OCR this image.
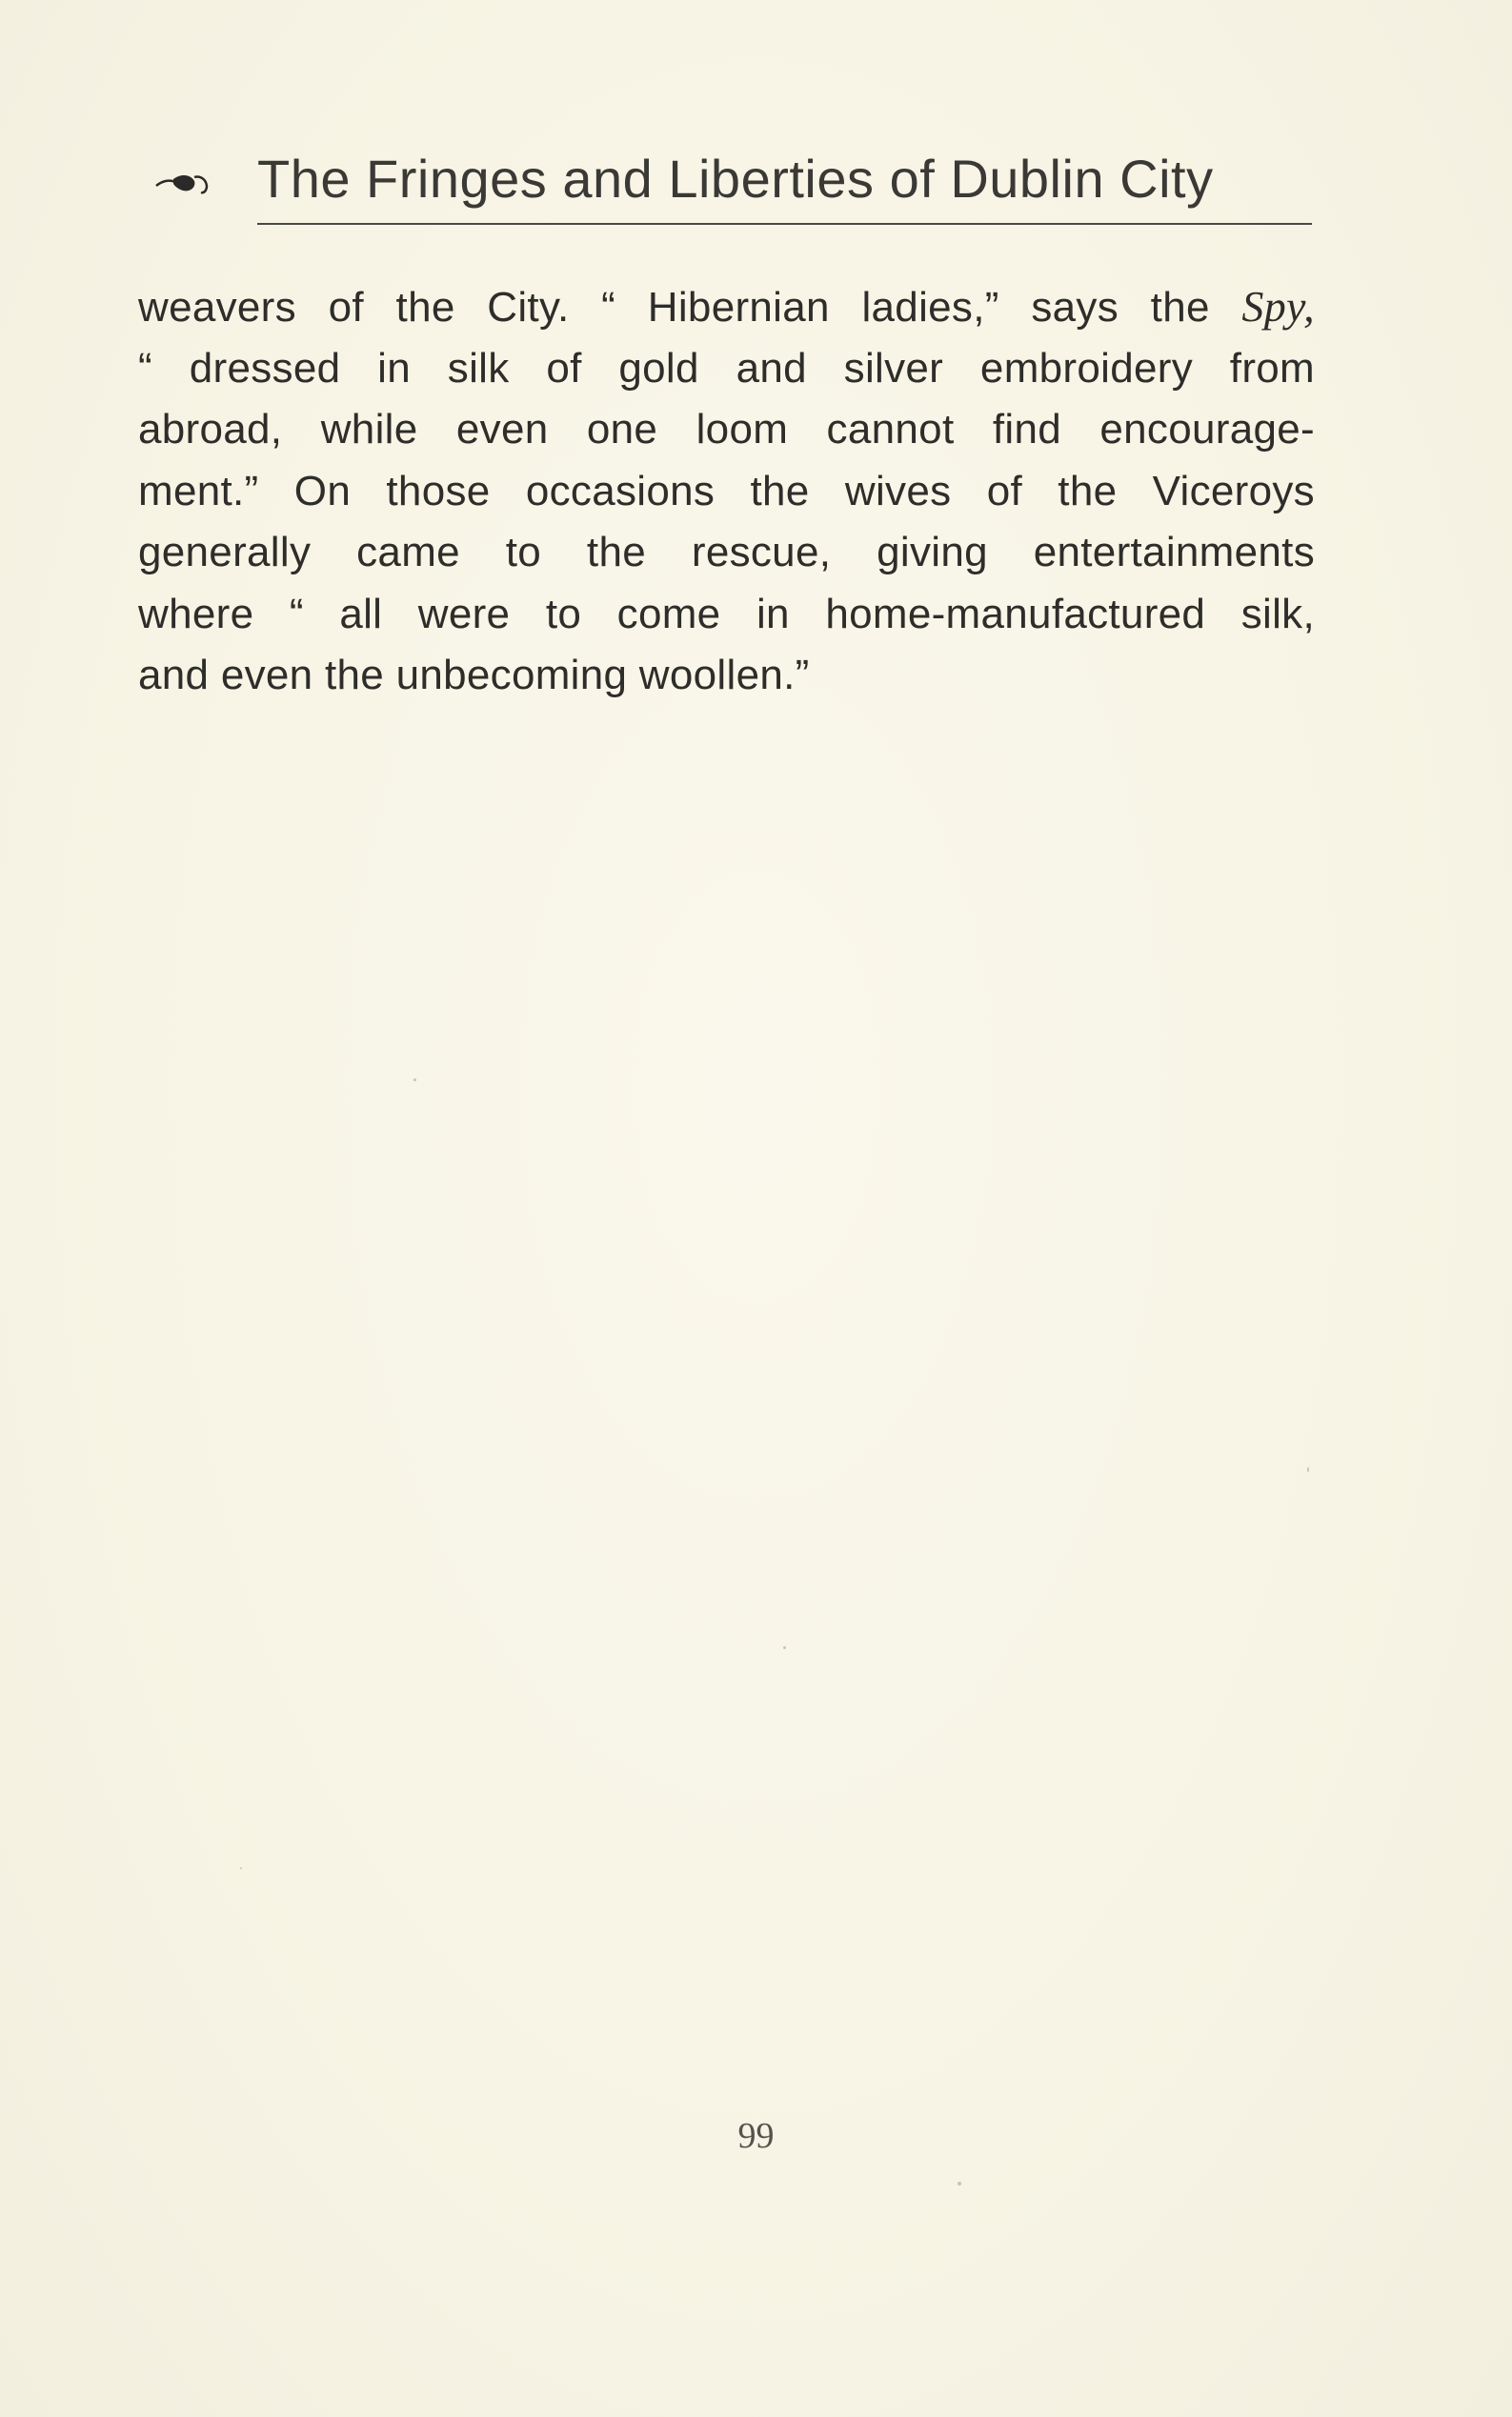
The Fringes and Liberties of Dublin City
weavers of the City. “ Hibernian ladies,” says the Spy,
“ dressed in silk of gold and silver embroidery from
abroad, while even one loom cannot find encourage-
ment.” On those occasions the wives of the Viceroys
generally came to the rescue, giving entertainments
where “ all were to come in home-manufactured silk,
and even the unbecoming woollen.”
99
